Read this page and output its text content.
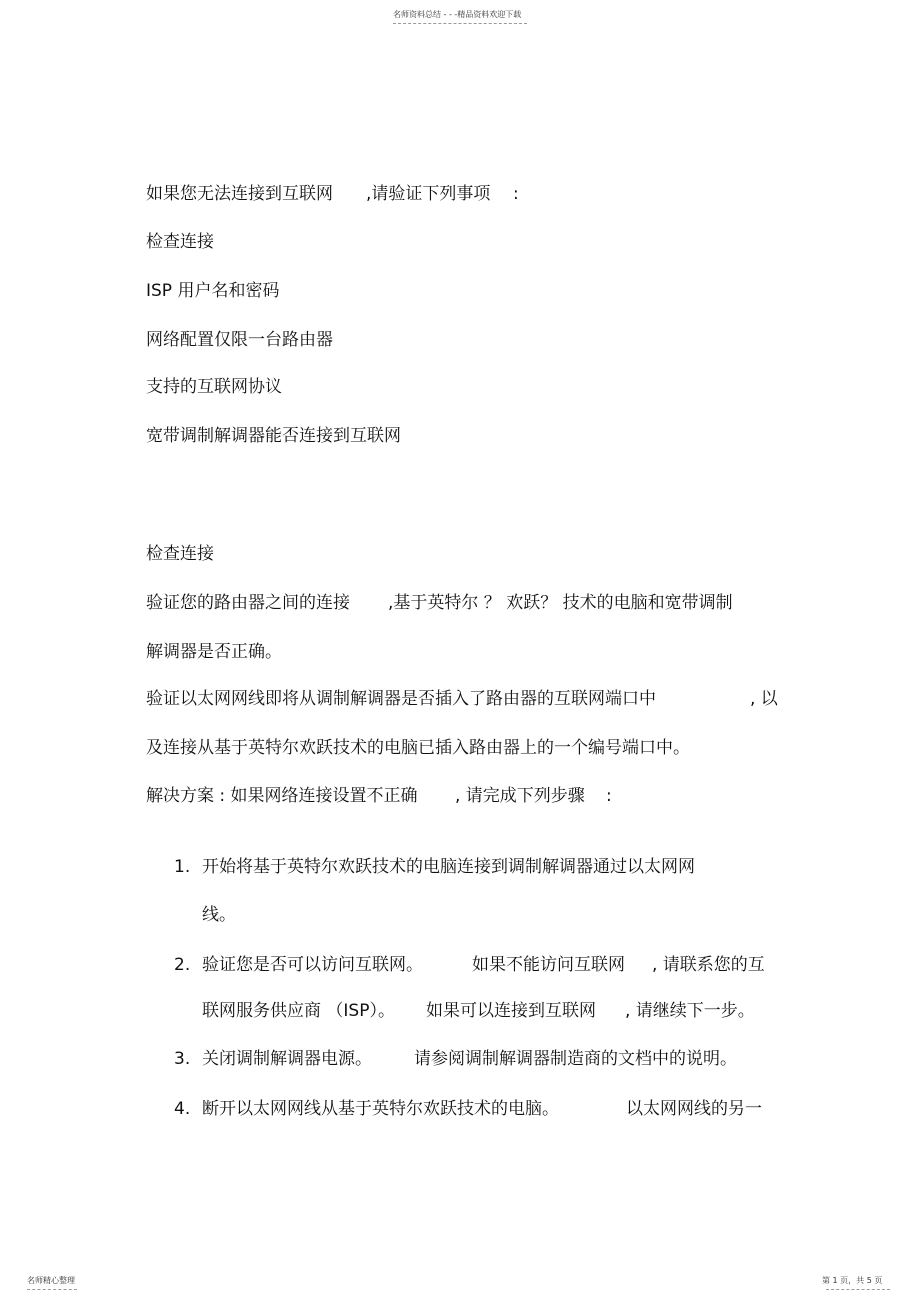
名师资料总结 - - -精品资料欢迎下载
如果您无法连接到互联网 ,请验证下列事项 :
检查连接
ISP 用户名和密码
网络配置仅限一台路由器
支持的互联网协议
宽带调制解调器能否连接到互联网
检查连接
验证您的路由器之间的连接 ,基于英特尔 ？ 欢跃？ 技术的电脑和宽带调制
解调器是否正确。
验证以太网网线即将从调制解调器是否插入了路由器的互联网端口中	, 以
及连接从基于英特尔欢跃技术的电脑已插入路由器上的一个编号端口中。
解决方案 : 如果网络连接设置不正确 , 请完成下列步骤 :
1. 开始将基于英特尔欢跃技术的电脑连接到调制解调器通过以太网网
线。
2. 验证您是否可以访问互联网。	如果不能访问互联网 , 请联系您的互
联网服务供应商 （ISP）。 如果可以连接到互联网 , 请继续下一步。
3. 关闭调制解调器电源。 请参阅调制解调器制造商的文档中的说明。
4. 断开以太网网线从基于英特尔欢跃技术的电脑。	以太网网线的另一
名师精心整理	第 1 页，共 5 页
